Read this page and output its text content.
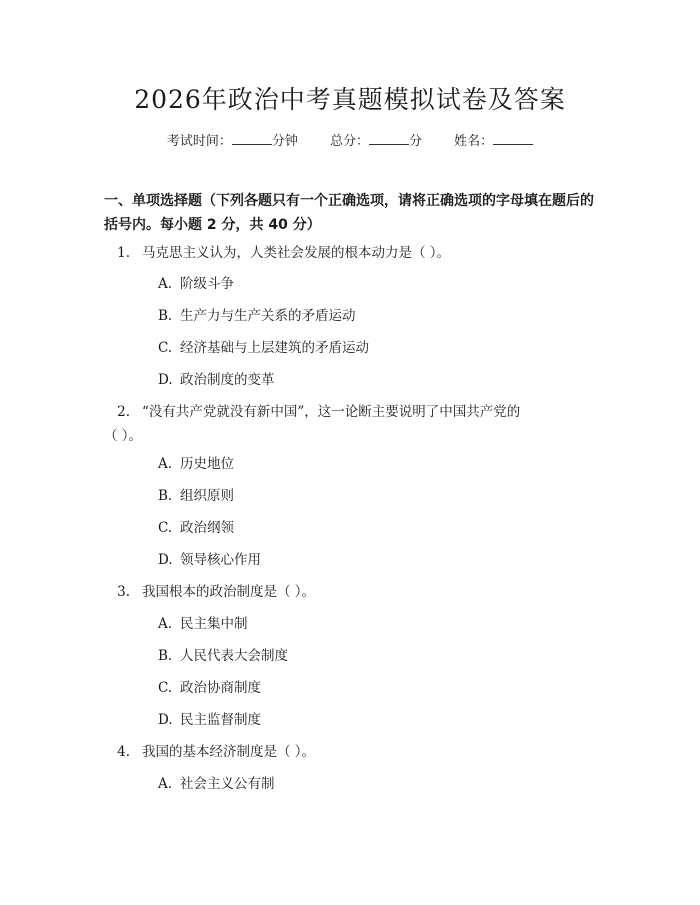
2026年政治中考真题模拟试卷及答案
考试时间：	分钟 总分：	分 姓名：
一、单项选择题（下列各题只有一个正确选项，请将正确选项的字母填在题后的
括号内。每小题 2 分，共 40 分）
1. 马克思主义认为，人类社会发展的根本动力是（ ）。
A. 阶级斗争
B. 生产力与生产关系的矛盾运动
C. 经济基础与上层建筑的矛盾运动
D. 政治制度的变革
2. “没有共产党就没有新中国”，这一论断主要说明了中国共产党的
（ ）。
A. 历史地位
B. 组织原则
C. 政治纲领
D. 领导核心作用
3. 我国根本的政治制度是（ ）。
A. 民主集中制
B. 人民代表大会制度
C. 政治协商制度
D. 民主监督制度
4. 我国的基本经济制度是（ ）。
A. 社会主义公有制
